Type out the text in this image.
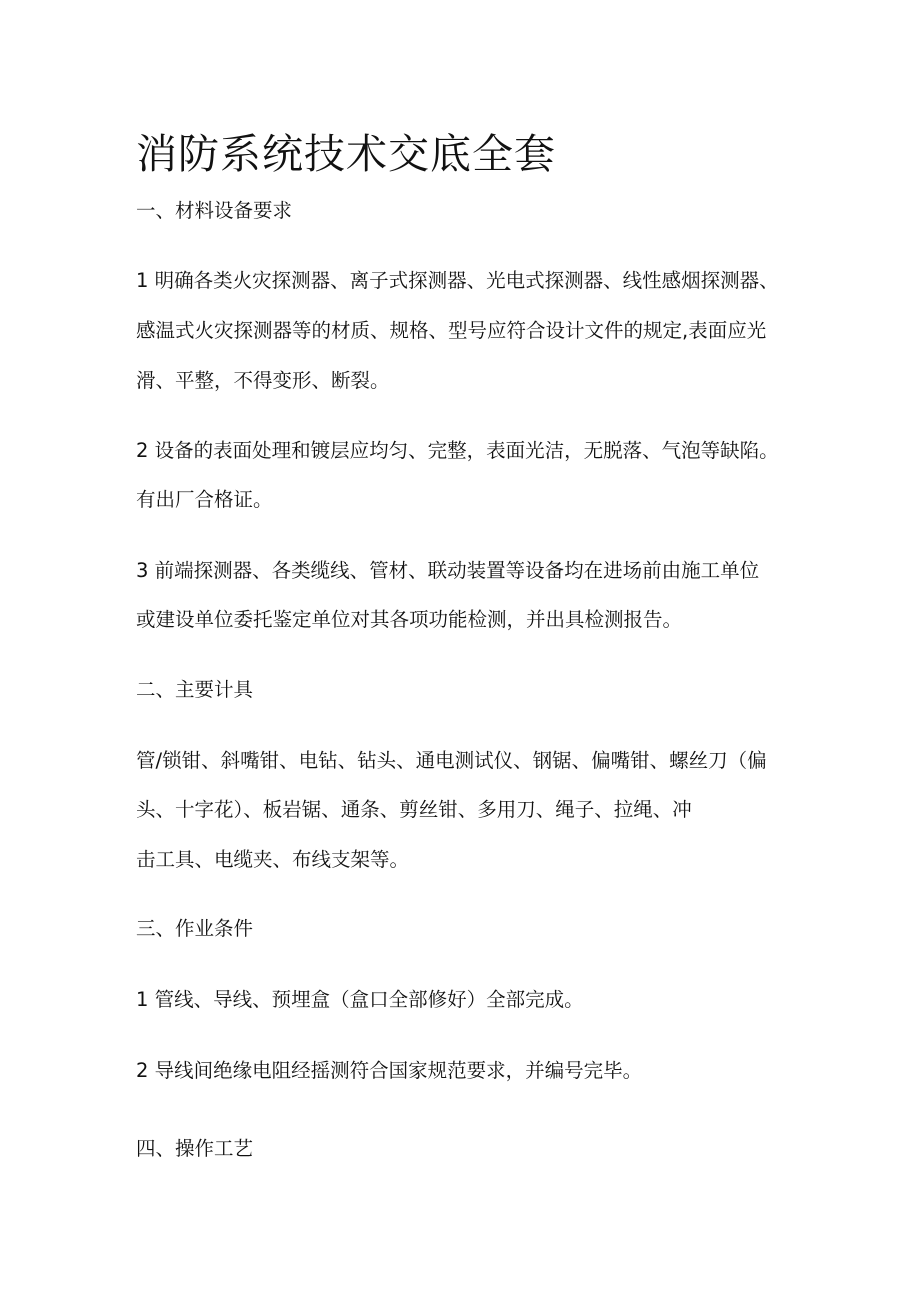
消防系统技术交底全套

一、材料设备要求

1 明确各类火灾探测器、离子式探测器、光电式探测器、线性感烟探测器、

感温式火灾探测器等的材质、规格、型号应符合设计文件的规定,表面应光

滑、平整，不得变形、断裂。

2 设备的表面处理和镀层应均匀、完整，表面光洁，无脱落、气泡等缺陷。

有出厂合格证。

3 前端探测器、各类缆线、管材、联动装置等设备均在进场前由施工单位

或建设单位委托鉴定单位对其各项功能检测，并出具检测报告。

二、主要计具

管/锁钳、斜嘴钳、电钻、钻头、通电测试仪、钢锯、偏嘴钳、螺丝刀（偏

头、十字花）、板岩锯、通条、剪丝钳、多用刀、绳子、拉绳、冲

击工具、电缆夹、布线支架等。

三、作业条件

1 管线、导线、预埋盒（盒口全部修好）全部完成。

2 导线间绝缘电阻经摇测符合国家规范要求，并编号完毕。

四、操作工艺
